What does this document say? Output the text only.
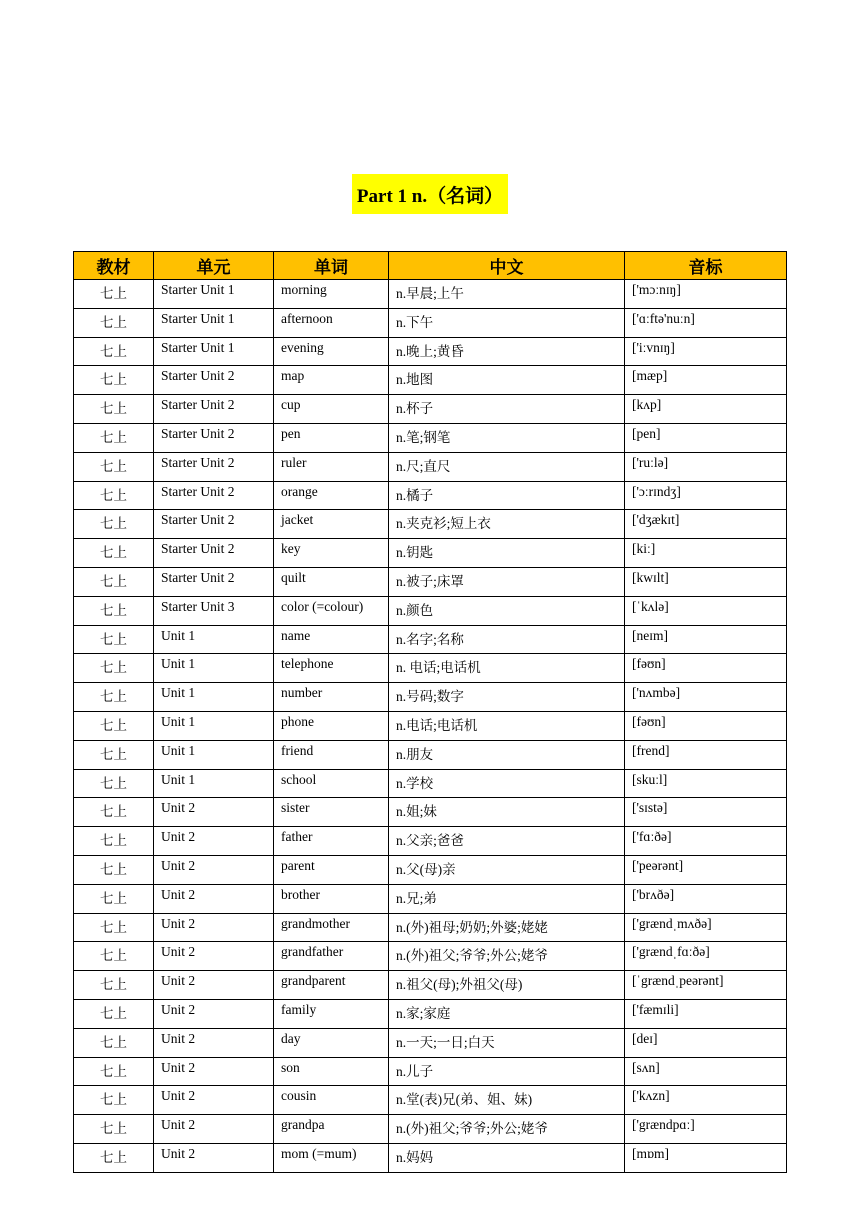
Part 1 n.（名词）
教材	单元	单词	中文	音标
七上	Starter Unit 1	morning	n.早晨;上午	['mɔːnɪŋ]
七上	Starter Unit 1	afternoon	n.下午	['ɑːftə'nuːn]
七上	Starter Unit 1	evening	n.晚上;黄昏	['iːvnɪŋ]
七上	Starter Unit 2	map	n.地图	[mæp]
七上	Starter Unit 2	cup	n.杯子	[kʌp]
七上	Starter Unit 2	pen	n.笔;钢笔	[pen]
七上	Starter Unit 2	ruler	n.尺;直尺	['ruːlə]
七上	Starter Unit 2	orange	n.橘子	['ɔːrɪndʒ]
七上	Starter Unit 2	jacket	n.夹克衫;短上衣	['dʒækɪt]
七上	Starter Unit 2	key	n.钥匙	[kiː]
七上	Starter Unit 2	quilt	n.被子;床罩	[kwɪlt]
七上	Starter Unit 3	color (=colour)	n.颜色	[ˈkʌlə]
七上	Unit 1	name	n.名字;名称	[neɪm]
七上	Unit 1	telephone	n. 电话;电话机	[fəʊn]
七上	Unit 1	number	n.号码;数字	['nʌmbə]
七上	Unit 1	phone	n.电话;电话机	[fəʊn]
七上	Unit 1	friend	n.朋友	[frend]
七上	Unit 1	school	n.学校	[skuːl]
七上	Unit 2	sister	n.姐;妹	['sɪstə]
七上	Unit 2	father	n.父亲;爸爸	['fɑːðə]
七上	Unit 2	parent	n.父(母)亲	['peərənt]
七上	Unit 2	brother	n.兄;弟	['brʌðə]
七上	Unit 2	grandmother	n.(外)祖母;奶奶;外婆;姥姥	['grændˌmʌðə]
七上	Unit 2	grandfather	n.(外)祖父;爷爷;外公;姥爷	['grændˌfɑːðə]
七上	Unit 2	grandparent	n.祖父(母);外祖父(母)	[ˈgrændˌpeərənt]
七上	Unit 2	family	n.家;家庭	['fæmɪli]
七上	Unit 2	day	n.一天;一日;白天	[deɪ]
七上	Unit 2	son	n.儿子	[sʌn]
七上	Unit 2	cousin	n.堂(表)兄(弟、姐、妹)	['kʌzn]
七上	Unit 2	grandpa	n.(外)祖父;爷爷;外公;姥爷	['grændpɑː]
七上	Unit 2	mom (=mum)	n.妈妈	[mɒm]
